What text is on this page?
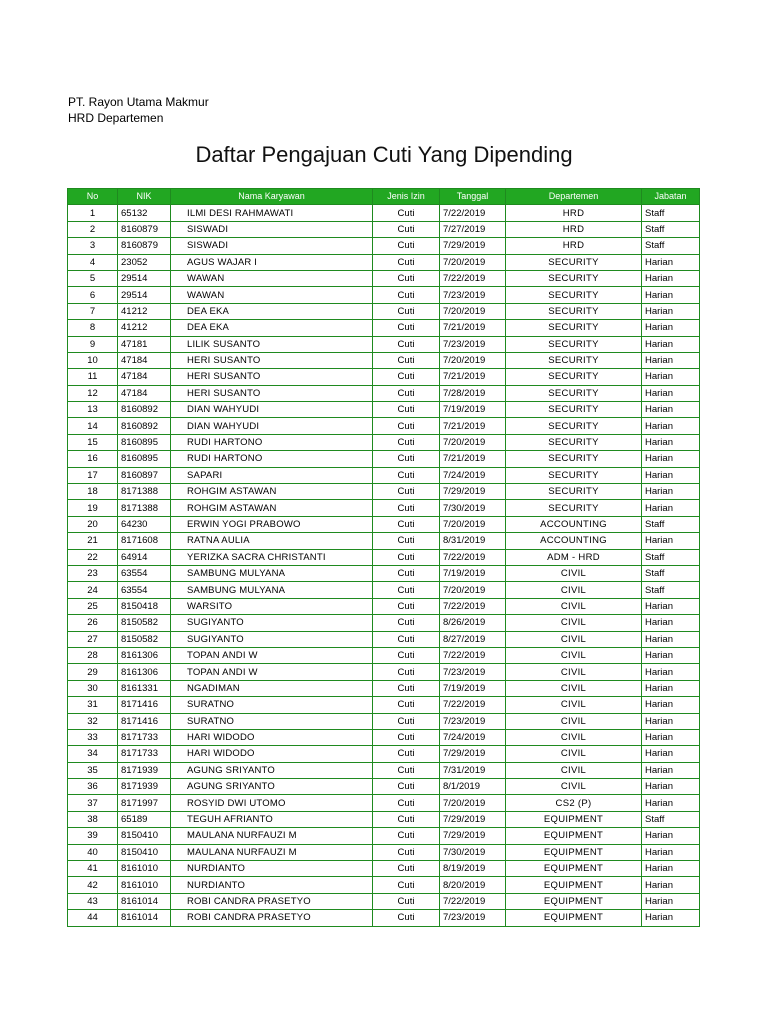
PT. Rayon Utama Makmur
HRD Departemen
Daftar Pengajuan Cuti Yang Dipending
No	NIK	Nama Karyawan	Jenis Izin	Tanggal	Departemen	Jabatan
1	65132	ILMI DESI RAHMAWATI	Cuti	7/22/2019	HRD	Staff
2	8160879	SISWADI	Cuti	7/27/2019	HRD	Staff
3	8160879	SISWADI	Cuti	7/29/2019	HRD	Staff
4	23052	AGUS WAJAR I	Cuti	7/20/2019	SECURITY	Harian
5	29514	WAWAN	Cuti	7/22/2019	SECURITY	Harian
6	29514	WAWAN	Cuti	7/23/2019	SECURITY	Harian
7	41212	DEA EKA	Cuti	7/20/2019	SECURITY	Harian
8	41212	DEA EKA	Cuti	7/21/2019	SECURITY	Harian
9	47181	LILIK SUSANTO	Cuti	7/23/2019	SECURITY	Harian
10	47184	HERI SUSANTO	Cuti	7/20/2019	SECURITY	Harian
11	47184	HERI SUSANTO	Cuti	7/21/2019	SECURITY	Harian
12	47184	HERI SUSANTO	Cuti	7/28/2019	SECURITY	Harian
13	8160892	DIAN WAHYUDI	Cuti	7/19/2019	SECURITY	Harian
14	8160892	DIAN WAHYUDI	Cuti	7/21/2019	SECURITY	Harian
15	8160895	RUDI HARTONO	Cuti	7/20/2019	SECURITY	Harian
16	8160895	RUDI HARTONO	Cuti	7/21/2019	SECURITY	Harian
17	8160897	SAPARI	Cuti	7/24/2019	SECURITY	Harian
18	8171388	ROHGIM ASTAWAN	Cuti	7/29/2019	SECURITY	Harian
19	8171388	ROHGIM ASTAWAN	Cuti	7/30/2019	SECURITY	Harian
20	64230	ERWIN YOGI PRABOWO	Cuti	7/20/2019	ACCOUNTING	Staff
21	8171608	RATNA AULIA	Cuti	8/31/2019	ACCOUNTING	Harian
22	64914	YERIZKA SACRA CHRISTANTI	Cuti	7/22/2019	ADM - HRD	Staff
23	63554	SAMBUNG MULYANA	Cuti	7/19/2019	CIVIL	Staff
24	63554	SAMBUNG MULYANA	Cuti	7/20/2019	CIVIL	Staff
25	8150418	WARSITO	Cuti	7/22/2019	CIVIL	Harian
26	8150582	SUGIYANTO	Cuti	8/26/2019	CIVIL	Harian
27	8150582	SUGIYANTO	Cuti	8/27/2019	CIVIL	Harian
28	8161306	TOPAN ANDI W	Cuti	7/22/2019	CIVIL	Harian
29	8161306	TOPAN ANDI W	Cuti	7/23/2019	CIVIL	Harian
30	8161331	NGADIMAN	Cuti	7/19/2019	CIVIL	Harian
31	8171416	SURATNO	Cuti	7/22/2019	CIVIL	Harian
32	8171416	SURATNO	Cuti	7/23/2019	CIVIL	Harian
33	8171733	HARI WIDODO	Cuti	7/24/2019	CIVIL	Harian
34	8171733	HARI WIDODO	Cuti	7/29/2019	CIVIL	Harian
35	8171939	AGUNG SRIYANTO	Cuti	7/31/2019	CIVIL	Harian
36	8171939	AGUNG SRIYANTO	Cuti	8/1/2019	CIVIL	Harian
37	8171997	ROSYID DWI UTOMO	Cuti	7/20/2019	CS2 (P)	Harian
38	65189	TEGUH AFRIANTO	Cuti	7/29/2019	EQUIPMENT	Staff
39	8150410	MAULANA NURFAUZI M	Cuti	7/29/2019	EQUIPMENT	Harian
40	8150410	MAULANA NURFAUZI M	Cuti	7/30/2019	EQUIPMENT	Harian
41	8161010	NURDIANTO	Cuti	8/19/2019	EQUIPMENT	Harian
42	8161010	NURDIANTO	Cuti	8/20/2019	EQUIPMENT	Harian
43	8161014	ROBI CANDRA PRASETYO	Cuti	7/22/2019	EQUIPMENT	Harian
44	8161014	ROBI CANDRA PRASETYO	Cuti	7/23/2019	EQUIPMENT	Harian
